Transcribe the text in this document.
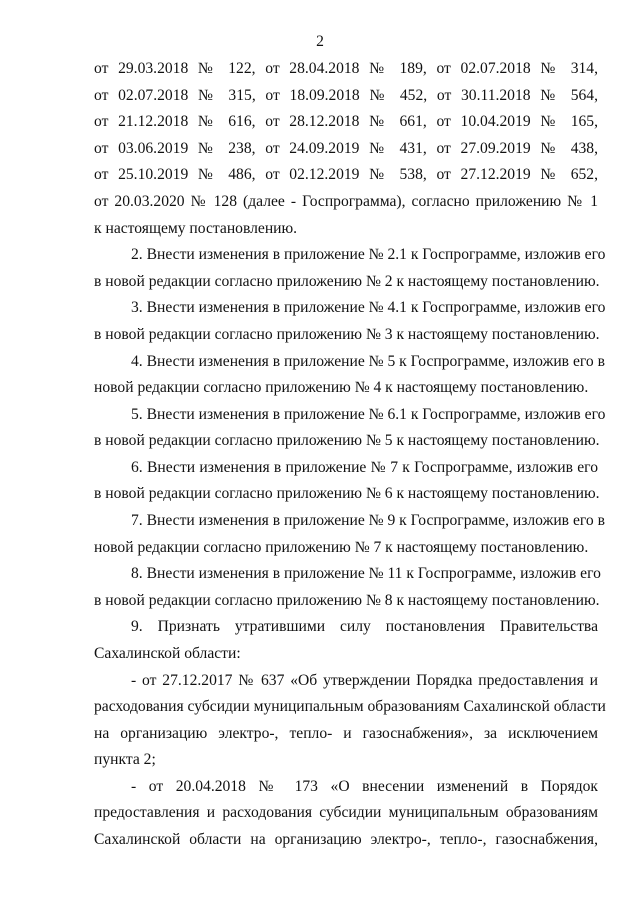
2
от 29.03.2018 № 122, от 28.04.2018 № 189, от 02.07.2018 № 314,
от 02.07.2018 № 315, от 18.09.2018 № 452, от 30.11.2018 № 564,
от 21.12.2018 № 616, от 28.12.2018 № 661, от 10.04.2019 № 165,
от 03.06.2019 № 238, от 24.09.2019 № 431, от 27.09.2019 № 438,
от 25.10.2019 № 486, от 02.12.2019 № 538, от 27.12.2019 № 652,
от 20.03.2020 № 128 (далее - Госпрограмма), согласно приложению № 1
к настоящему постановлению.
2. Внести изменения в приложение № 2.1 к Госпрограмме, изложив его
в новой редакции согласно приложению № 2 к настоящему постановлению.
3. Внести изменения в приложение № 4.1 к Госпрограмме, изложив его
в новой редакции согласно приложению № 3 к настоящему постановлению.
4. Внести изменения в приложение № 5 к Госпрограмме, изложив его в
новой редакции согласно приложению № 4 к настоящему постановлению.
5. Внести изменения в приложение № 6.1 к Госпрограмме, изложив его
в новой редакции согласно приложению № 5 к настоящему постановлению.
6. Внести изменения в приложение № 7 к Госпрограмме, изложив его
в новой редакции согласно приложению № 6 к настоящему постановлению.
7. Внести изменения в приложение № 9 к Госпрограмме, изложив его в
новой редакции согласно приложению № 7 к настоящему постановлению.
8. Внести изменения в приложение № 11 к Госпрограмме, изложив его
в новой редакции согласно приложению № 8 к настоящему постановлению.
9. Признать утратившими силу постановления Правительства
Сахалинской области:
- от 27.12.2017 № 637 «Об утверждении Порядка предоставления и
расходования субсидии муниципальным образованиям Сахалинской области
на организацию электро-, тепло- и газоснабжения», за исключением
пункта 2;
- от 20.04.2018 № 173 «О внесении изменений в Порядок
предоставления и расходования субсидии муниципальным образованиям
Сахалинской области на организацию электро-, тепло-, газоснабжения,
